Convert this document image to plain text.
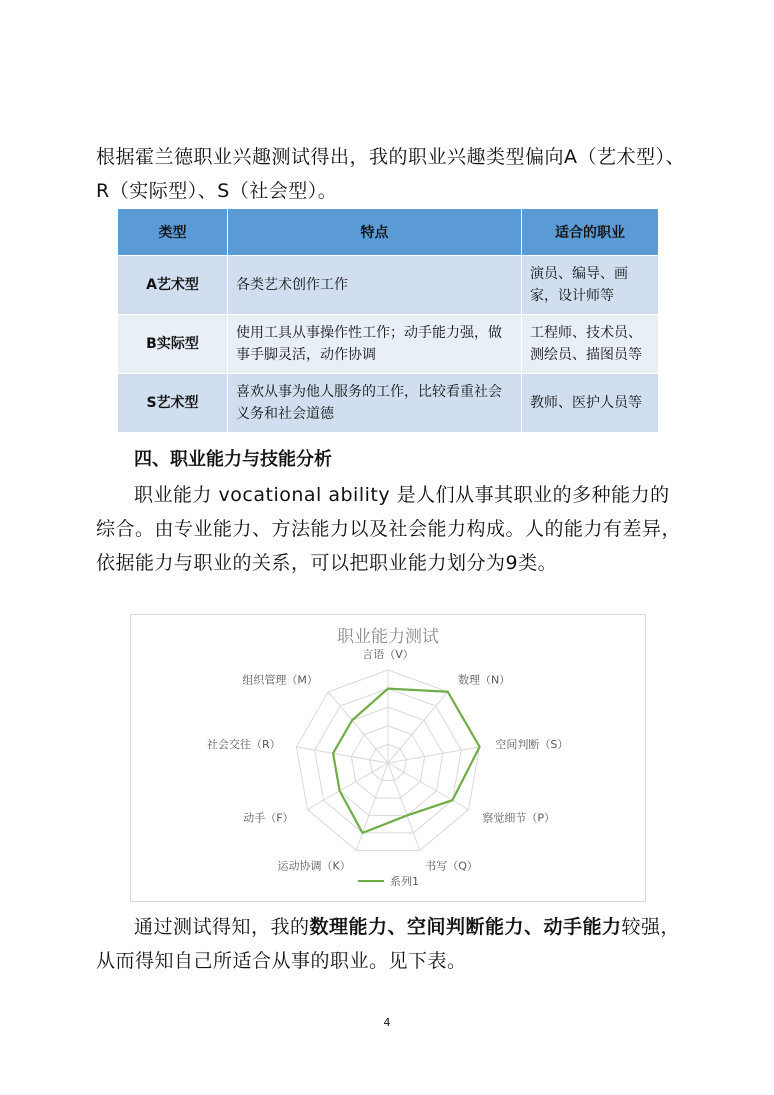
根据霍兰德职业兴趣测试得出，我的职业兴趣类型偏向A（艺术型）、R（实际型）、S（社会型）。
类型	特点	适合的职业
A艺术型	各类艺术创作工作	演员、编导、画家，设计师等
B实际型	使用工具从事操作性工作；动手能力强，做事手脚灵活，动作协调	工程师、技术员、测绘员、描图员等
S艺术型	喜欢从事为他人服务的工作，比较看重社会义务和社会道德	教师、医护人员等
四、职业能力与技能分析
职业能力 vocational ability 是人们从事其职业的多种能力的综合。由专业能力、方法能力以及社会能力构成。人的能力有差异，依据能力与职业的关系，可以把职业能力划分为9类。
职业能力测试
言语（V）
数理（N）
空间判断（S）
察觉细节（P）
书写（Q）
运动协调（K）
动手（F）
社会交往（R）
组织管理（M）
系列1
通过测试得知，我的数理能力、空间判断能力、动手能力较强，从而得知自己所适合从事的职业。见下表。
4
